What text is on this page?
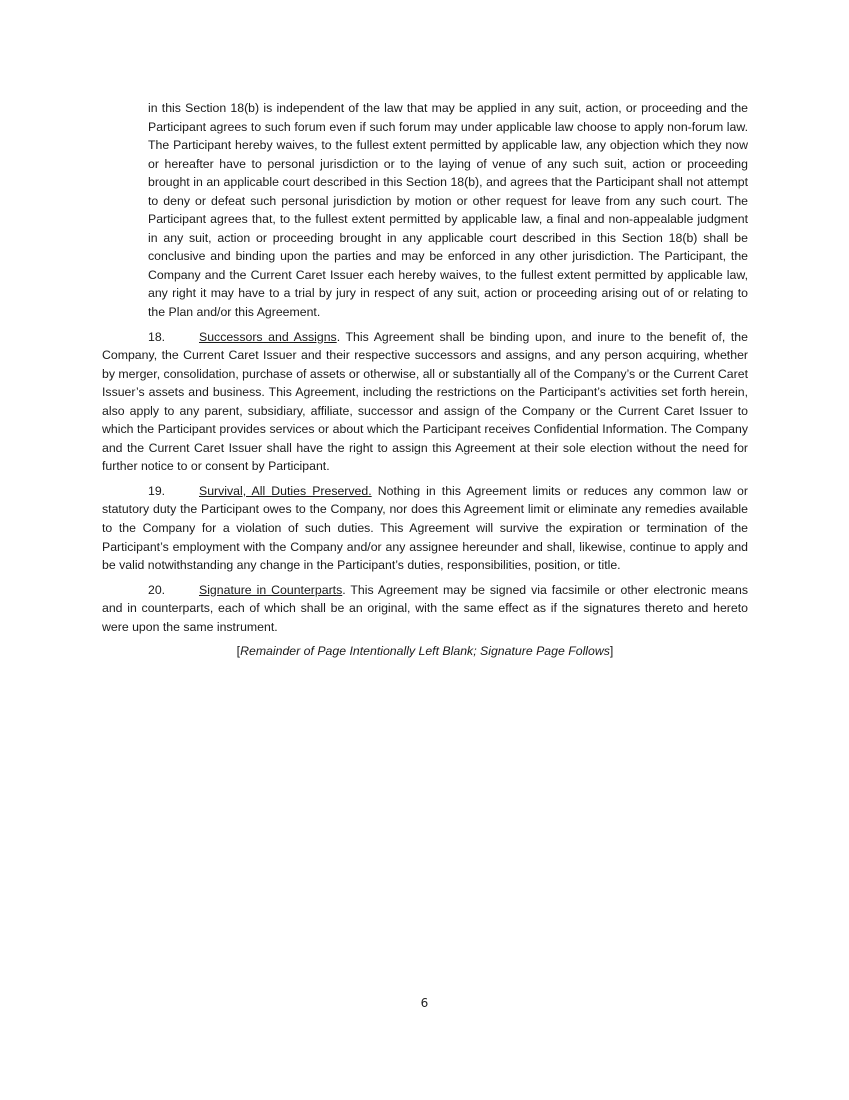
in this Section 18(b) is independent of the law that may be applied in any suit, action, or proceeding and the Participant agrees to such forum even if such forum may under applicable law choose to apply non-forum law. The Participant hereby waives, to the fullest extent permitted by applicable law, any objection which they now or hereafter have to personal jurisdiction or to the laying of venue of any such suit, action or proceeding brought in an applicable court described in this Section 18(b), and agrees that the Participant shall not attempt to deny or defeat such personal jurisdiction by motion or other request for leave from any such court. The Participant agrees that, to the fullest extent permitted by applicable law, a final and non-appealable judgment in any suit, action or proceeding brought in any applicable court described in this Section 18(b) shall be conclusive and binding upon the parties and may be enforced in any other jurisdiction. The Participant, the Company and the Current Caret Issuer each hereby waives, to the fullest extent permitted by applicable law, any right it may have to a trial by jury in respect of any suit, action or proceeding arising out of or relating to the Plan and/or this Agreement.

18.	Successors and Assigns. This Agreement shall be binding upon, and inure to the benefit of, the Company, the Current Caret Issuer and their respective successors and assigns, and any person acquiring, whether by merger, consolidation, purchase of assets or otherwise, all or substantially all of the Company’s or the Current Caret Issuer’s assets and business. This Agreement, including the restrictions on the Participant’s activities set forth herein, also apply to any parent, subsidiary, affiliate, successor and assign of the Company or the Current Caret Issuer to which the Participant provides services or about which the Participant receives Confidential Information. The Company and the Current Caret Issuer shall have the right to assign this Agreement at their sole election without the need for further notice to or consent by Participant.

19.	Survival, All Duties Preserved. Nothing in this Agreement limits or reduces any common law or statutory duty the Participant owes to the Company, nor does this Agreement limit or eliminate any remedies available to the Company for a violation of such duties. This Agreement will survive the expiration or termination of the Participant’s employment with the Company and/or any assignee hereunder and shall, likewise, continue to apply and be valid notwithstanding any change in the Participant’s duties, responsibilities, position, or title.

20.	Signature in Counterparts. This Agreement may be signed via facsimile or other electronic means and in counterparts, each of which shall be an original, with the same effect as if the signatures thereto and hereto were upon the same instrument.

[Remainder of Page Intentionally Left Blank; Signature Page Follows]
6
